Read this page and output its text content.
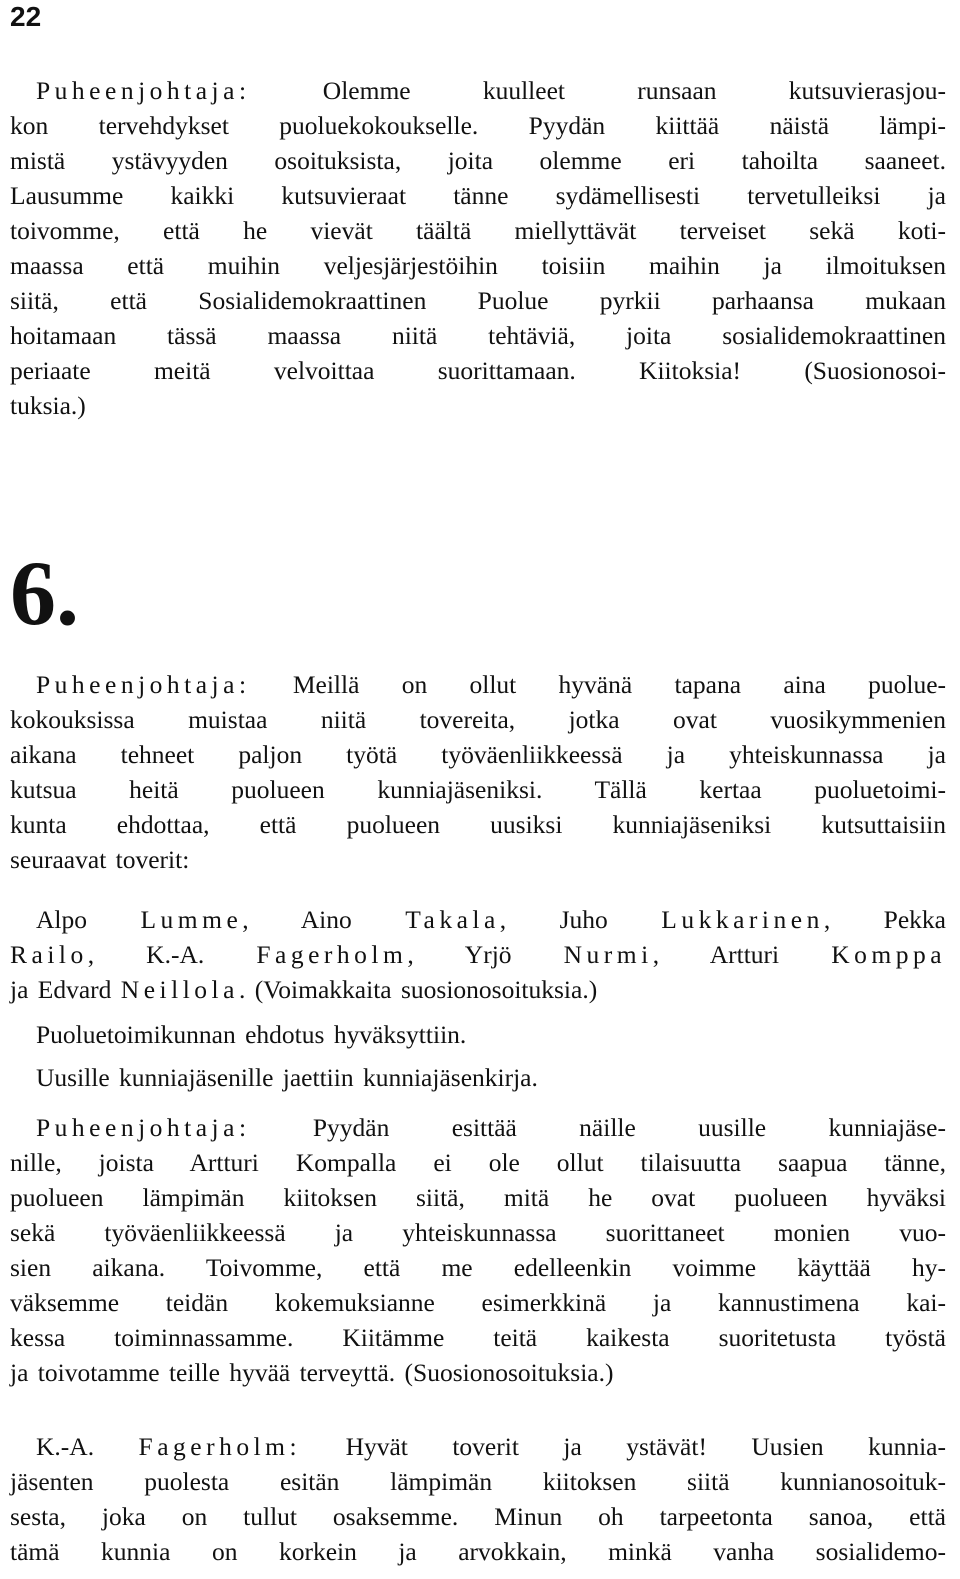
22
Puheenjohtaja: Olemme kuulleet runsaan kutsuvierasjou-
kon tervehdykset puoluekokoukselle. Pyydän kiittää näistä lämpi-
mistä ystävyyden osoituksista, joita olemme eri tahoilta saaneet.
Lausumme kaikki kutsuvieraat tänne sydämellisesti tervetulleiksi ja
toivomme, että he vievät täältä miellyttävät terveiset sekä koti-
maassa että muihin veljesjärjestöihin toisiin maihin ja ilmoituksen
siitä, että Sosialidemokraattinen Puolue pyrkii parhaansa mukaan
hoitamaan tässä maassa niitä tehtäviä, joita sosialidemokraattinen
periaate meitä velvoittaa suorittamaan. Kiitoksia! (Suosionosoi-
tuksia.)
6.
Puheenjohtaja: Meillä on ollut hyvänä tapana aina puolue-
kokouksissa muistaa niitä tovereita, jotka ovat vuosikymmenien
aikana tehneet paljon työtä työväenliikkeessä ja yhteiskunnassa ja
kutsua heitä puolueen kunniajäseniksi. Tällä kertaa puoluetoimi-
kunta ehdottaa, että puolueen uusiksi kunniajäseniksi kutsuttaisiin
seuraavat toverit:
Alpo Lumme, Aino Takala, Juho Lukkarinen, Pekka
Railo, K.-A. Fagerholm, Yrjö Nurmi, Artturi Komppa
ja Edvard Neillola. (Voimakkaita suosionosoituksia.)
Puoluetoimikunnan ehdotus hyväksyttiin.
Uusille kunniajäsenille jaettiin kunniajäsenkirja.
Puheenjohtaja: Pyydän esittää näille uusille kunniajäse-
nille, joista Artturi Kompalla ei ole ollut tilaisuutta saapua tänne,
puolueen lämpimän kiitoksen siitä, mitä he ovat puolueen hyväksi
sekä työväenliikkeessä ja yhteiskunnassa suorittaneet monien vuo-
sien aikana. Toivomme, että me edelleenkin voimme käyttää hy-
väksemme teidän kokemuksianne esimerkkinä ja kannustimena kai-
kessa toiminnassamme. Kiitämme teitä kaikesta suoritetusta työstä
ja toivotamme teille hyvää terveyttä. (Suosionosoituksia.)
K.-A. Fagerholm: Hyvät toverit ja ystävät! Uusien kunnia-
jäsenten puolesta esitän lämpimän kiitoksen siitä kunnianosoituk-
sesta, joka on tullut osaksemme. Minun oh tarpeetonta sanoa, että
tämä kunnia on korkein ja arvokkain, minkä vanha sosialidemo-
